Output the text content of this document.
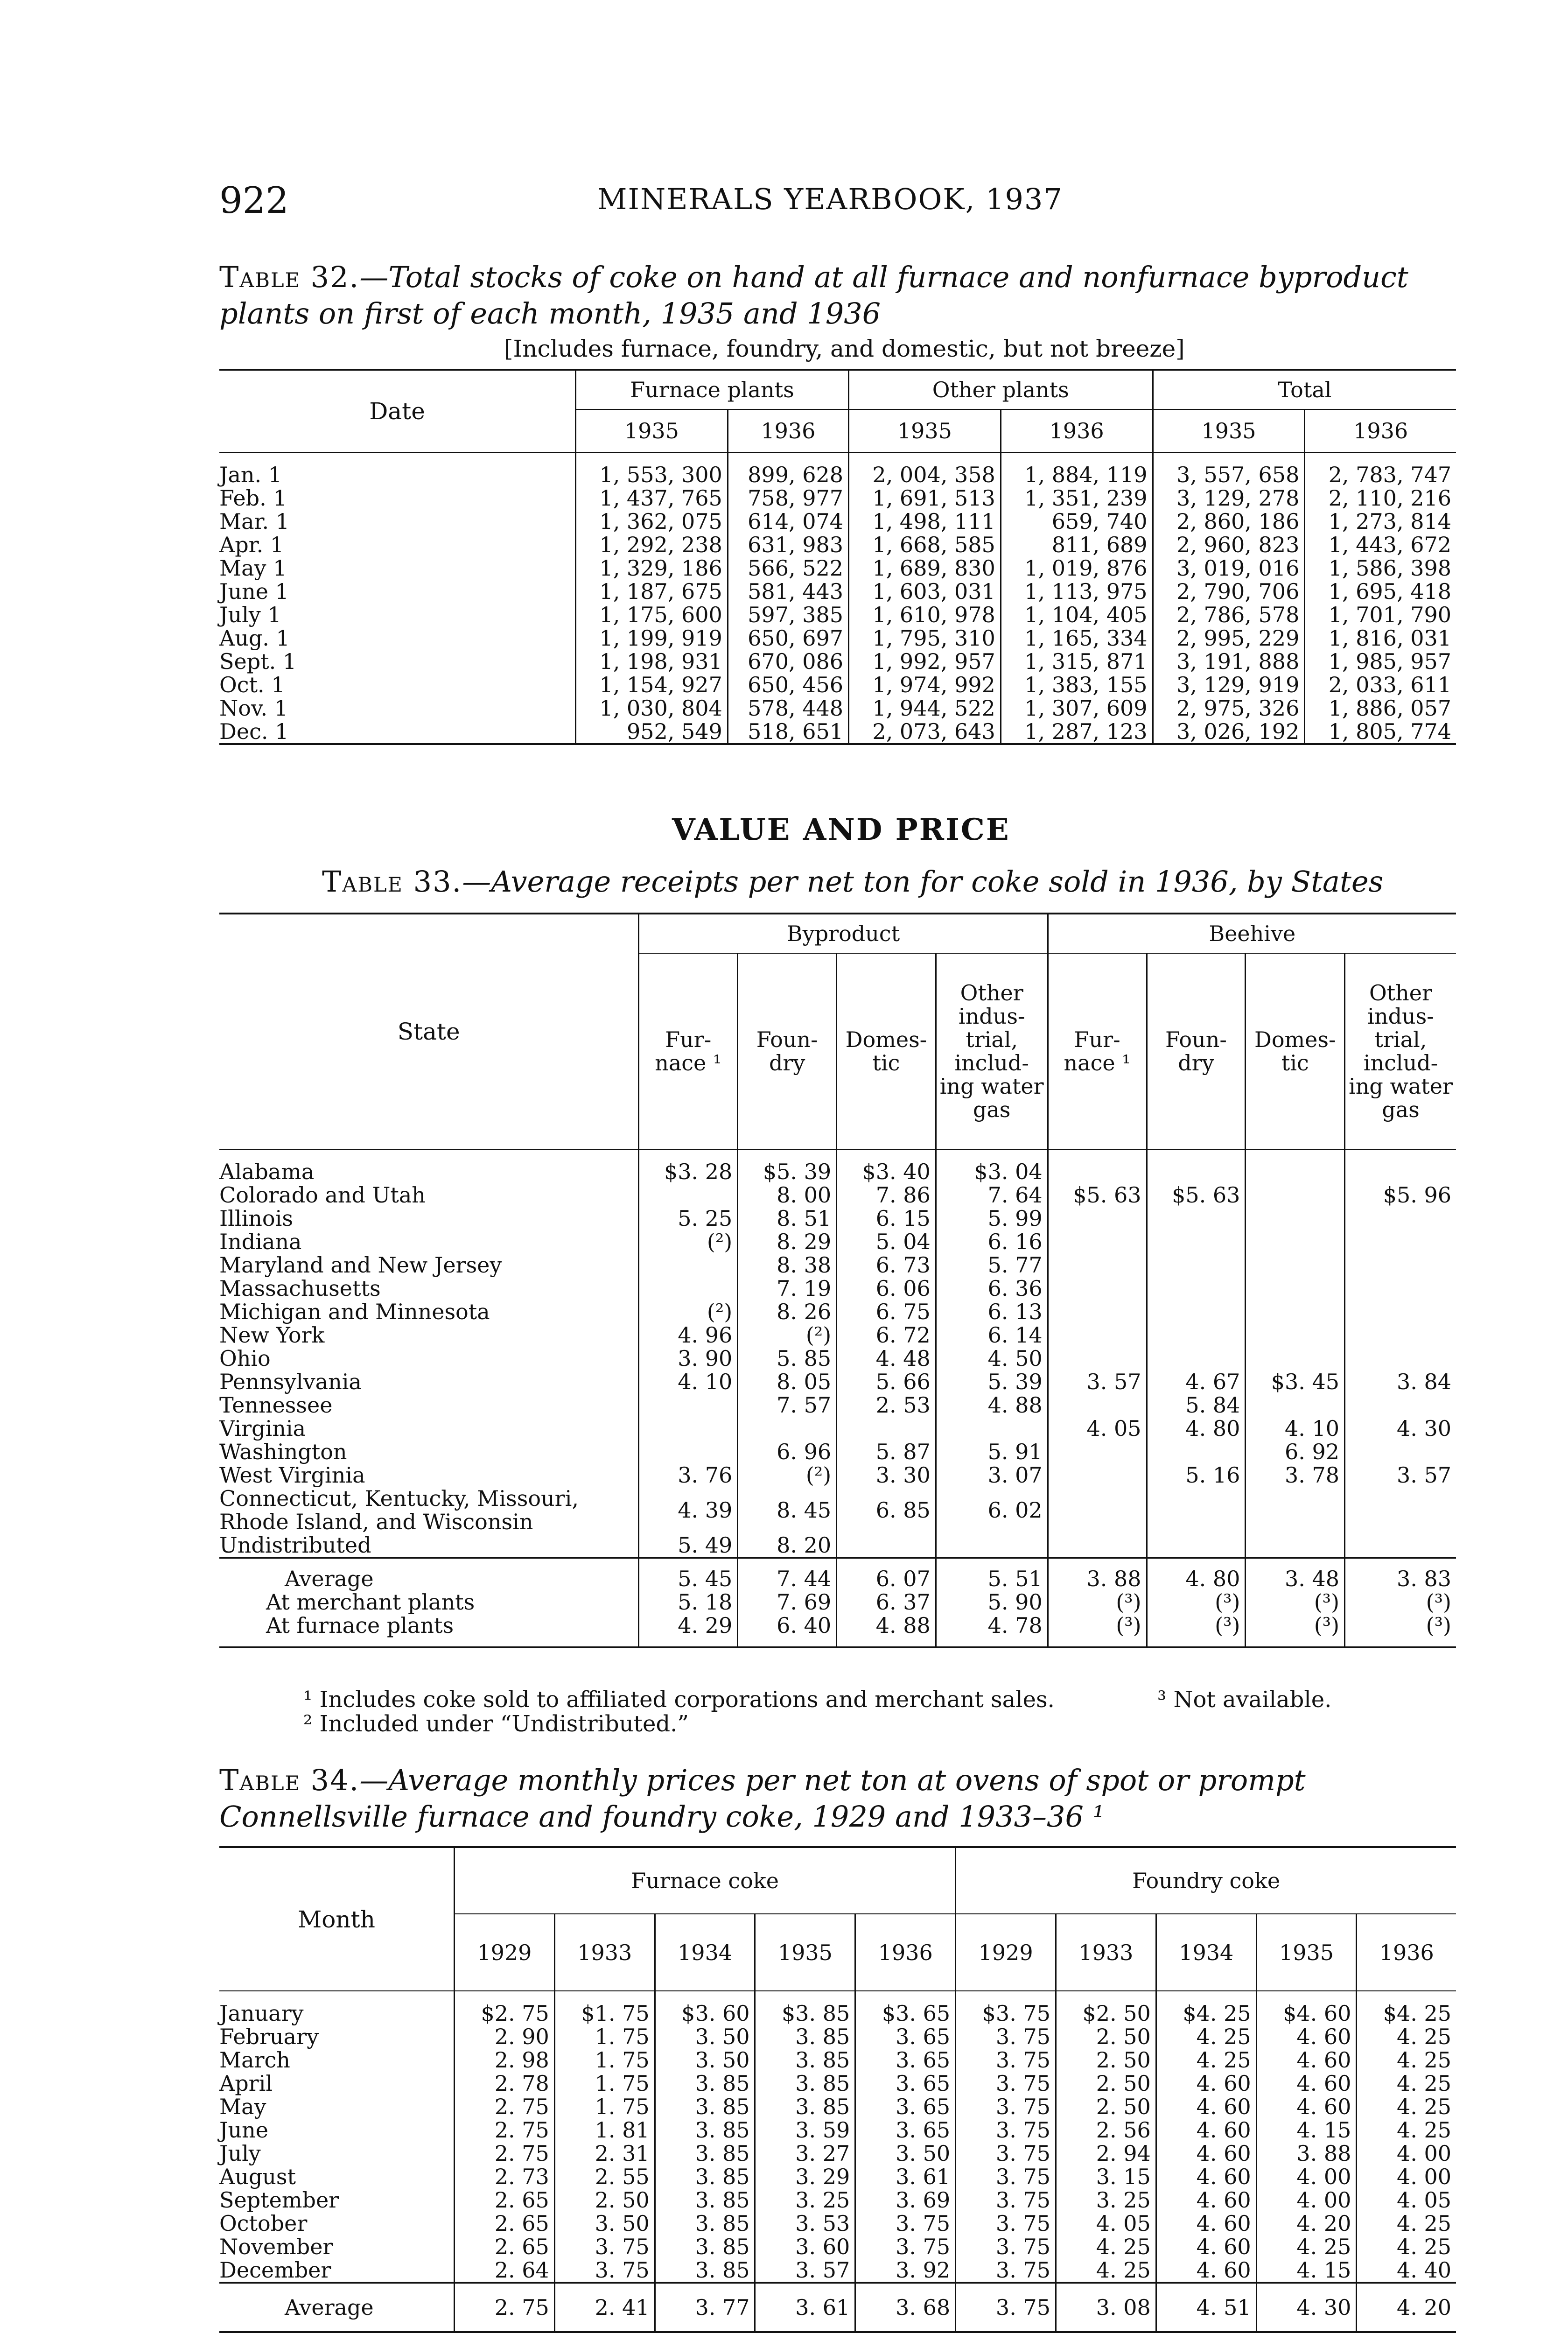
922	MINERALS YEARBOOK, 1937
Table 32.—Total stocks of coke on hand at all furnace and nonfurnace byproduct plants on first of each month, 1935 and 1936
[Includes furnace, foundry, and domestic, but not breeze]
Date	Furnace plants		Other plants		Total	
	1935	1936	1935	1936	1935	1936
Jan. 1	1, 553, 300	899, 628	2, 004, 358	1, 884, 119	3, 557, 658	2, 783, 747
Feb. 1	1, 437, 765	758, 977	1, 691, 513	1, 351, 239	3, 129, 278	2, 110, 216
Mar. 1	1, 362, 075	614, 074	1, 498, 111	659, 740	2, 860, 186	1, 273, 814
Apr. 1	1, 292, 238	631, 983	1, 668, 585	811, 689	2, 960, 823	1, 443, 672
May 1	1, 329, 186	566, 522	1, 689, 830	1, 019, 876	3, 019, 016	1, 586, 398
June 1	1, 187, 675	581, 443	1, 603, 031	1, 113, 975	2, 790, 706	1, 695, 418
July 1	1, 175, 600	597, 385	1, 610, 978	1, 104, 405	2, 786, 578	1, 701, 790
Aug. 1	1, 199, 919	650, 697	1, 795, 310	1, 165, 334	2, 995, 229	1, 816, 031
Sept. 1	1, 198, 931	670, 086	1, 992, 957	1, 315, 871	3, 191, 888	1, 985, 957
Oct. 1	1, 154, 927	650, 456	1, 974, 992	1, 383, 155	3, 129, 919	2, 033, 611
Nov. 1	1, 030, 804	578, 448	1, 944, 522	1, 307, 609	2, 975, 326	1, 886, 057
Dec. 1	952, 549	518, 651	2, 073, 643	1, 287, 123	3, 026, 192	1, 805, 774
VALUE AND PRICE
Table 33.—Average receipts per net ton for coke sold in 1936, by States
State	Byproduct				Beehive			
	Fur- nace ¹	Foun- dry	Domes- tic	Other indus- trial, includ- ing water gas	Fur- nace ¹	Foun- dry	Domes- tic	Other indus- trial, includ- ing water gas
Alabama	$3. 28	$5. 39	$3. 40	$3. 04				
Colorado and Utah		8. 00	7. 86	7. 64	$5. 63	$5. 63		$5. 96
Illinois	5. 25	8. 51	6. 15	5. 99				
Indiana	(²)	8. 29	5. 04	6. 16				
Maryland and New Jersey		8. 38	6. 73	5. 77				
Massachusetts		7. 19	6. 06	6. 36				
Michigan and Minnesota	(²)	8. 26	6. 75	6. 13				
New York	4. 96	(²)	6. 72	6. 14				
Ohio	3. 90	5. 85	4. 48	4. 50				
Pennsylvania	4. 10	8. 05	5. 66	5. 39	3. 57	4. 67	$3. 45	3. 84
Tennessee		7. 57	2. 53	4. 88		5. 84		
Virginia					4. 05	4. 80	4. 10	4. 30
Washington		6. 96	5. 87	5. 91			6. 92	
West Virginia	3. 76	(²)	3. 30	3. 07		5. 16	3. 78	3. 57
Connecticut, Kentucky, Missouri, Rhode Island, and Wisconsin	4. 39	8. 45	6. 85	6. 02				
Undistributed	5. 49	8. 20						
Average	5. 45	7. 44	6. 07	5. 51	3. 88	4. 80	3. 48	3. 83
At merchant plants	5. 18	7. 69	6. 37	5. 90	(³)	(³)	(³)	(³)
At furnace plants	4. 29	6. 40	4. 88	4. 78	(³)	(³)	(³)	(³)
¹ Includes coke sold to affiliated corporations and merchant sales.	³ Not available.
² Included under “Undistributed.”
Table 34.—Average monthly prices per net ton at ovens of spot or prompt Connellsville furnace and foundry coke, 1929 and 1933–36 ¹
Month	Furnace coke					Foundry coke				
	1929	1933	1934	1935	1936	1929	1933	1934	1935	1936
January	$2. 75	$1. 75	$3. 60	$3. 85	$3. 65	$3. 75	$2. 50	$4. 25	$4. 60	$4. 25
February	2. 90	1. 75	3. 50	3. 85	3. 65	3. 75	2. 50	4. 25	4. 60	4. 25
March	2. 98	1. 75	3. 50	3. 85	3. 65	3. 75	2. 50	4. 25	4. 60	4. 25
April	2. 78	1. 75	3. 85	3. 85	3. 65	3. 75	2. 50	4. 60	4. 60	4. 25
May	2. 75	1. 75	3. 85	3. 85	3. 65	3. 75	2. 50	4. 60	4. 60	4. 25
June	2. 75	1. 81	3. 85	3. 59	3. 65	3. 75	2. 56	4. 60	4. 15	4. 25
July	2. 75	2. 31	3. 85	3. 27	3. 50	3. 75	2. 94	4. 60	3. 88	4. 00
August	2. 73	2. 55	3. 85	3. 29	3. 61	3. 75	3. 15	4. 60	4. 00	4. 00
September	2. 65	2. 50	3. 85	3. 25	3. 69	3. 75	3. 25	4. 60	4. 00	4. 05
October	2. 65	3. 50	3. 85	3. 53	3. 75	3. 75	4. 05	4. 60	4. 20	4. 25
November	2. 65	3. 75	3. 85	3. 60	3. 75	3. 75	4. 25	4. 60	4. 25	4. 25
December	2. 64	3. 75	3. 85	3. 57	3. 92	3. 75	4. 25	4. 60	4. 15	4. 40
Average	2. 75	2. 41	3. 77	3. 61	3. 68	3. 75	3. 08	4. 51	4. 30	4. 20
